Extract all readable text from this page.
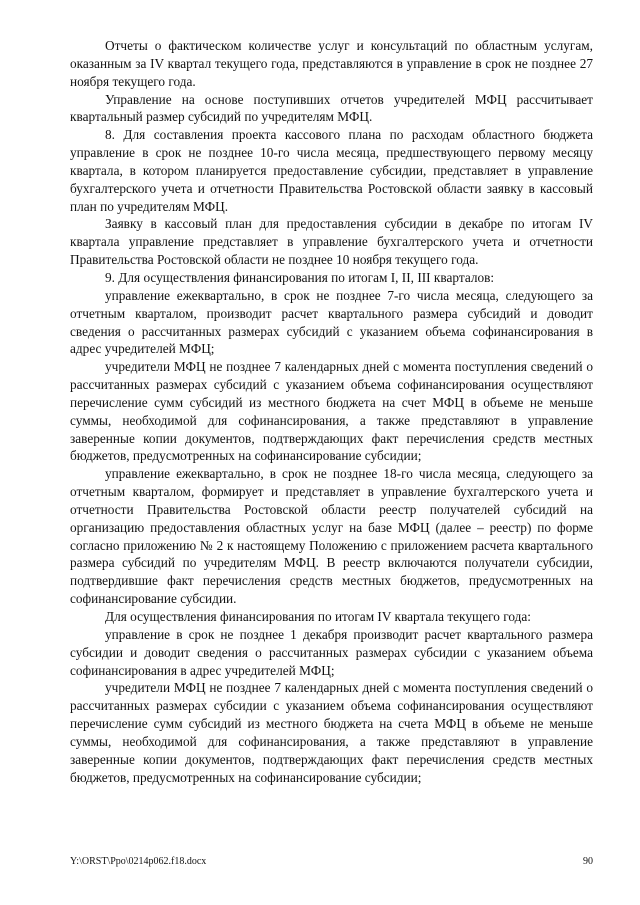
Отчеты о фактическом количестве услуг и консультаций по областным услугам, оказанным за IV квартал текущего года, представляются в управление в срок не позднее 27 ноября текущего года.

Управление на основе поступивших отчетов учредителей МФЦ рассчитывает квартальный размер субсидий по учредителям МФЦ.

8. Для составления проекта кассового плана по расходам областного бюджета управление в срок не позднее 10-го числа месяца, предшествующего первому месяцу квартала, в котором планируется предоставление субсидии, представляет в управление бухгалтерского учета и отчетности Правительства Ростовской области заявку в кассовый план по учредителям МФЦ.

Заявку в кассовый план для предоставления субсидии в декабре по итогам IV квартала управление представляет в управление бухгалтерского учета и отчетности Правительства Ростовской области не позднее 10 ноября текущего года.

9. Для осуществления финансирования по итогам I, II, III кварталов:

управление ежеквартально, в срок не позднее 7-го числа месяца, следующего за отчетным кварталом, производит расчет квартального размера субсидий и доводит сведения о рассчитанных размерах субсидий с указанием объема софинансирования в адрес учредителей МФЦ;

учредители МФЦ не позднее 7 календарных дней с момента поступления сведений о рассчитанных размерах субсидий с указанием объема софинансирования осуществляют перечисление сумм субсидий из местного бюджета на счет МФЦ в объеме не меньше суммы, необходимой для софинансирования, а также представляют в управление заверенные копии документов, подтверждающих факт перечисления средств местных бюджетов, предусмотренных на софинансирование субсидии;

управление ежеквартально, в срок не позднее 18-го числа месяца, следующего за отчетным кварталом, формирует и представляет в управление бухгалтерского учета и отчетности Правительства Ростовской области реестр получателей субсидий на организацию предоставления областных услуг на базе МФЦ (далее – реестр) по форме согласно приложению № 2 к настоящему Положению с приложением расчета квартального размера субсидий по учредителям МФЦ. В реестр включаются получатели субсидии, подтвердившие факт перечисления средств местных бюджетов, предусмотренных на софинансирование субсидии.

Для осуществления финансирования по итогам IV квартала текущего года:

управление в срок не позднее 1 декабря производит расчет квартального размера субсидии и доводит сведения о рассчитанных размерах субсидии с указанием объема софинансирования в адрес учредителей МФЦ;

учредители МФЦ не позднее 7 календарных дней с момента поступления сведений о рассчитанных размерах субсидии с указанием объема софинансирования осуществляют перечисление сумм субсидий из местного бюджета на счета МФЦ в объеме не меньше суммы, необходимой для софинансирования, а также представляют в управление заверенные копии документов, подтверждающих факт перечисления средств местных бюджетов, предусмотренных на софинансирование субсидии;

Y:\ORST\Ppo\0214p062.f18.docx	90
